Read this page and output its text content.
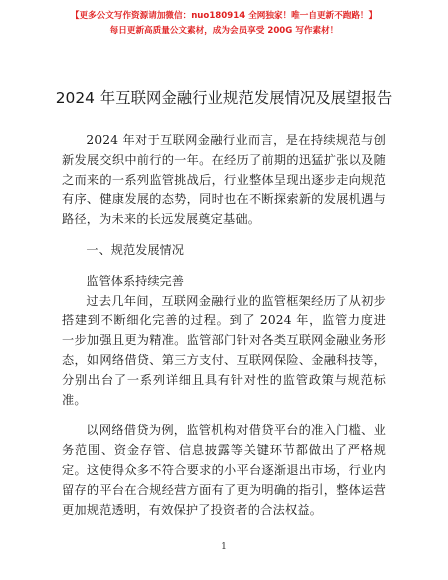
【更多公文写作资源请加微信：nuo180914 全网独家！唯一自更新不跑路！】
每日更新高质量公文素材，成为会员享受 200G 写作素材！
2024 年互联网金融行业规范发展情况及展望报告

2024 年对于互联网金融行业而言，是在持续规范与创新发展交织中前行的一年。在经历了前期的迅猛扩张以及随之而来的一系列监管挑战后，行业整体呈现出逐步走向规范有序、健康发展的态势，同时也在不断探索新的发展机遇与路径，为未来的长远发展奠定基础。

一、规范发展情况

监管体系持续完善

过去几年间，互联网金融行业的监管框架经历了从初步搭建到不断细化完善的过程。到了 2024 年，监管力度进一步加强且更为精准。监管部门针对各类互联网金融业务形态，如网络借贷、第三方支付、互联网保险、金融科技等，分别出台了一系列详细且具有针对性的监管政策与规范标准。

以网络借贷为例，监管机构对借贷平台的准入门槛、业务范围、资金存管、信息披露等关键环节都做出了严格规定。这使得众多不符合要求的小平台逐渐退出市场，行业内留存的平台在合规经营方面有了更为明确的指引，整体运营更加规范透明，有效保护了投资者的合法权益。

1
